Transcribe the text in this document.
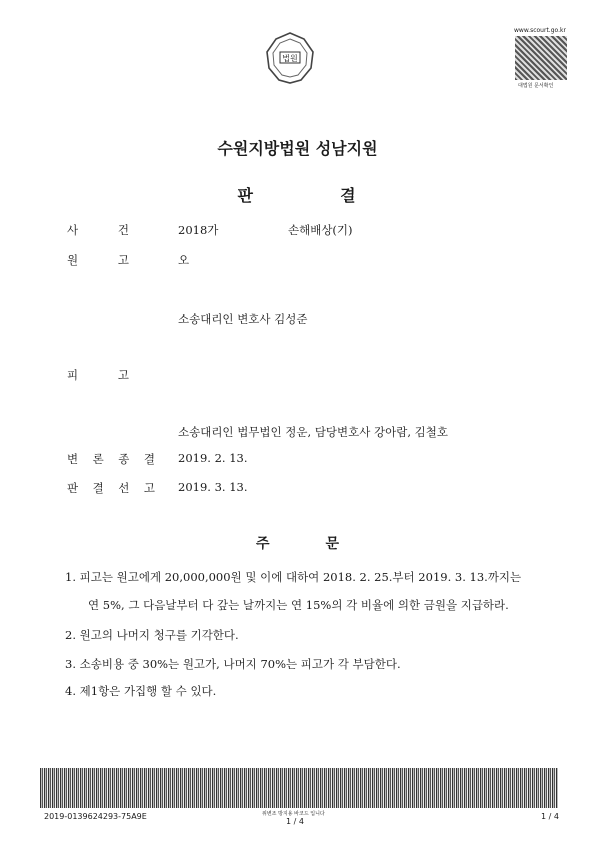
법원
www.scourt.go.kr
대법원 문서확인
수원지방법원 성남지원
판	결
사	건	2018가	손해배상(기)
원	고	오
소송대리인 변호사 김성준
피	고
소송대리인 법무법인 정운, 담당변호사 강아람, 김철호
변 론 종 결 2019. 2. 13.
판 결 선 고 2019. 3. 13.
주	문
1. 피고는 원고에게 20,000,000원 및 이에 대하여 2018. 2. 25.부터 2019. 3. 13.까지는
연 5%, 그 다음날부터 다 갚는 날까지는 연 15%의 각 비율에 의한 금원을 지급하라.
2. 원고의 나머지 청구를 기각한다.
3. 소송비용 중 30%는 원고가, 나머지 70%는 피고가 각 부담한다.
4. 제1항은 가집행 할 수 있다.
2019-0139624293-75A9E	위변조 방지용 바코드 입니다
1 / 4
1 / 4
